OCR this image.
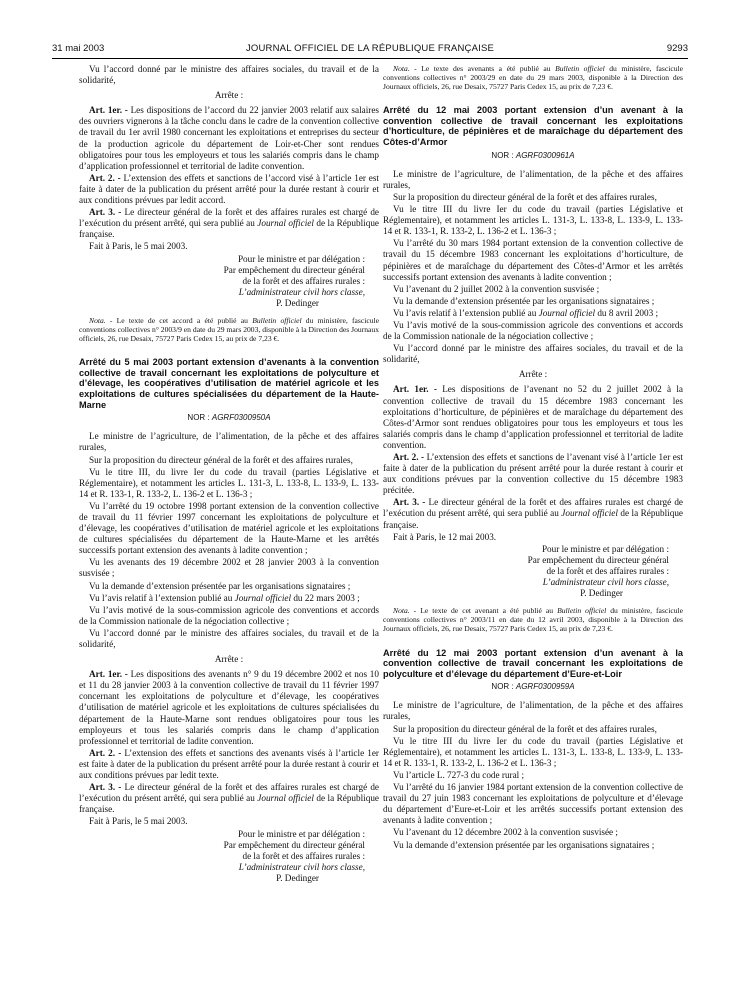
31 mai 2003	JOURNAL OFFICIEL DE LA RÉPUBLIQUE FRANÇAISE	9293

Vu l’accord donné par le ministre des affaires sociales, du travail et de la solidarité,

Arrête :

Art. 1er. - Les dispositions de l’accord du 22 janvier 2003 relatif aux salaires des ouvriers vignerons à la tâche conclu dans le cadre de la convention collective de travail du 1er avril 1980 concernant les exploitations et entreprises du secteur de la production agricole du département de Loir-et-Cher sont rendues obligatoires pour tous les employeurs et tous les salariés compris dans le champ d’application professionnel et territorial de ladite convention.

Art. 2. - L’extension des effets et sanctions de l’accord visé à l’article 1er est faite à dater de la publication du présent arrêté pour la durée restant à courir et aux conditions prévues par ledit accord.

Art. 3. - Le directeur général de la forêt et des affaires rurales est chargé de l’exécution du présent arrêté, qui sera publié au Journal officiel de la République française.

Fait à Paris, le 5 mai 2003.

Pour le ministre et par délégation :

Par empêchement du directeur général

de la forêt et des affaires rurales :

L’administrateur civil hors classe,

P. Dedinger

Nota. - Le texte de cet accord a été publié au Bulletin officiel du ministère, fascicule conventions collectives n° 2003/9 en date du 29 mars 2003, disponible à la Direction des Journaux officiels, 26, rue Desaix, 75727 Paris Cedex 15, au prix de 7,23 €.

Arrêté du 5 mai 2003 portant extension d’avenants à la convention collective de travail concernant les exploitations de polyculture et d’élevage, les coopératives d’utilisation de matériel agricole et les exploitations de cultures spécialisées du département de la Haute-Marne

NOR : AGRF0300950A

Le ministre de l’agriculture, de l’alimentation, de la pêche et des affaires rurales,

Sur la proposition du directeur général de la forêt et des affaires rurales,

Vu le titre III, du livre Ier du code du travail (parties Législative et Réglementaire), et notamment les articles L. 131-3, L. 133-8, L. 133-9, L. 133-14 et R. 133-1, R. 133-2, L. 136-2 et L. 136-3 ;

Vu l’arrêté du 19 octobre 1998 portant extension de la convention collective de travail du 11 février 1997 concernant les exploitations de polyculture et d’élevage, les coopératives d’utilisation de matériel agricole et les exploitations de cultures spécialisées du département de la Haute-Marne et les arrêtés successifs portant extension des avenants à ladite convention ;

Vu les avenants des 19 décembre 2002 et 28 janvier 2003 à la convention susvisée ;

Vu la demande d’extension présentée par les organisations signataires ;

Vu l’avis relatif à l’extension publié au Journal officiel du 22 mars 2003 ;

Vu l’avis motivé de la sous-commission agricole des conventions et accords de la Commission nationale de la négociation collective ;

Vu l’accord donné par le ministre des affaires sociales, du travail et de la solidarité,

Arrête :

Art. 1er. - Les dispositions des avenants n° 9 du 19 décembre 2002 et nos 10 et 11 du 28 janvier 2003 à la convention collective de travail du 11 février 1997 concernant les exploitations de polyculture et d’élevage, les coopératives d’utilisation de matériel agricole et les exploitations de cultures spécialisées du département de la Haute-Marne sont rendues obligatoires pour tous les employeurs et tous les salariés compris dans le champ d’application professionnel et territorial de ladite convention.

Art. 2. - L’extension des effets et sanctions des avenants visés à l’article 1er est faite à dater de la publication du présent arrêté pour la durée restant à courir et aux conditions prévues par ledit texte.

Art. 3. - Le directeur général de la forêt et des affaires rurales est chargé de l’exécution du présent arrêté, qui sera publié au Journal officiel de la République française.

Fait à Paris, le 5 mai 2003.

Pour le ministre et par délégation :

Par empêchement du directeur général

de la forêt et des affaires rurales :

L’administrateur civil hors classe,

P. Dedinger

Nota. - Le texte des avenants a été publié au Bulletin officiel du ministère, fascicule conventions collectives n° 2003/29 en date du 29 mars 2003, disponible à la Direction des Journaux officiels, 26, rue Desaix, 75727 Paris Cedex 15, au prix de 7,23 €.

Arrêté du 12 mai 2003 portant extension d’un avenant à la convention collective de travail concernant les exploitations d’horticulture, de pépinières et de maraîchage du département des Côtes-d’Armor

NOR : AGRF0300961A

Le ministre de l’agriculture, de l’alimentation, de la pêche et des affaires rurales,

Sur la proposition du directeur général de la forêt et des affaires rurales,

Vu le titre III du livre Ier du code du travail (parties Législative et Réglementaire), et notamment les articles L. 131-3, L. 133-8, L. 133-9, L. 133-14 et R. 133-1, R. 133-2, L. 136-2 et L. 136-3 ;

Vu l’arrêté du 30 mars 1984 portant extension de la convention collective de travail du 15 décembre 1983 concernant les exploitations d’horticulture, de pépinières et de maraîchage du département des Côtes-d’Armor et les arrêtés successifs portant extension des avenants à ladite convention ;

Vu l’avenant du 2 juillet 2002 à la convention susvisée ;

Vu la demande d’extension présentée par les organisations signataires ;

Vu l’avis relatif à l’extension publié au Journal officiel du 8 avril 2003 ;

Vu l’avis motivé de la sous-commission agricole des conventions et accords de la Commission nationale de la négociation collective ;

Vu l’accord donné par le ministre des affaires sociales, du travail et de la solidarité,

Arrête :

Art. 1er. - Les dispositions de l’avenant no 52 du 2 juillet 2002 à la convention collective de travail du 15 décembre 1983 concernant les exploitations d’horticulture, de pépinières et de maraîchage du département des Côtes-d’Armor sont rendues obligatoires pour tous les employeurs et tous les salariés compris dans le champ d’application professionnel et territorial de ladite convention.

Art. 2. - L’extension des effets et sanctions de l’avenant visé à l’article 1er est faite à dater de la publication du présent arrêté pour la durée restant à courir et aux conditions prévues par la convention collective du 15 décembre 1983 précitée.

Art. 3. - Le directeur général de la forêt et des affaires rurales est chargé de l’exécution du présent arrêté, qui sera publié au Journal officiel de la République française.

Fait à Paris, le 12 mai 2003.

Pour le ministre et par délégation :

Par empêchement du directeur général

de la forêt et des affaires rurales :

L’administrateur civil hors classe,

P. Dedinger

Nota. - Le texte de cet avenant a été publié au Bulletin officiel du ministère, fascicule conventions collectives n° 2003/11 en date du 12 avril 2003, disponible à la Direction des Journaux officiels, 26, rue Desaix, 75727 Paris Cedex 15, au prix de 7,23 €.

Arrêté du 12 mai 2003 portant extension d’un avenant à la convention collective de travail concernant les exploitations de polyculture et d’élevage du département d’Eure-et-Loir

NOR : AGRF0300959A

Le ministre de l’agriculture, de l’alimentation, de la pêche et des affaires rurales,

Sur la proposition du directeur général de la forêt et des affaires rurales,

Vu le titre III du livre Ier du code du travail (parties Législative et Réglementaire), et notamment les articles L. 131-3, L. 133-8, L. 133-9, L. 133-14 et R. 133-1, R. 133-2, L. 136-2 et L. 136-3 ;

Vu l’article L. 727-3 du code rural ;

Vu l’arrêté du 16 janvier 1984 portant extension de la convention collective de travail du 27 juin 1983 concernant les exploitations de polyculture et d’élevage du département d’Eure-et-Loir et les arrêtés successifs portant extension des avenants à ladite convention ;

Vu l’avenant du 12 décembre 2002 à la convention susvisée ;

Vu la demande d’extension présentée par les organisations signataires ;
